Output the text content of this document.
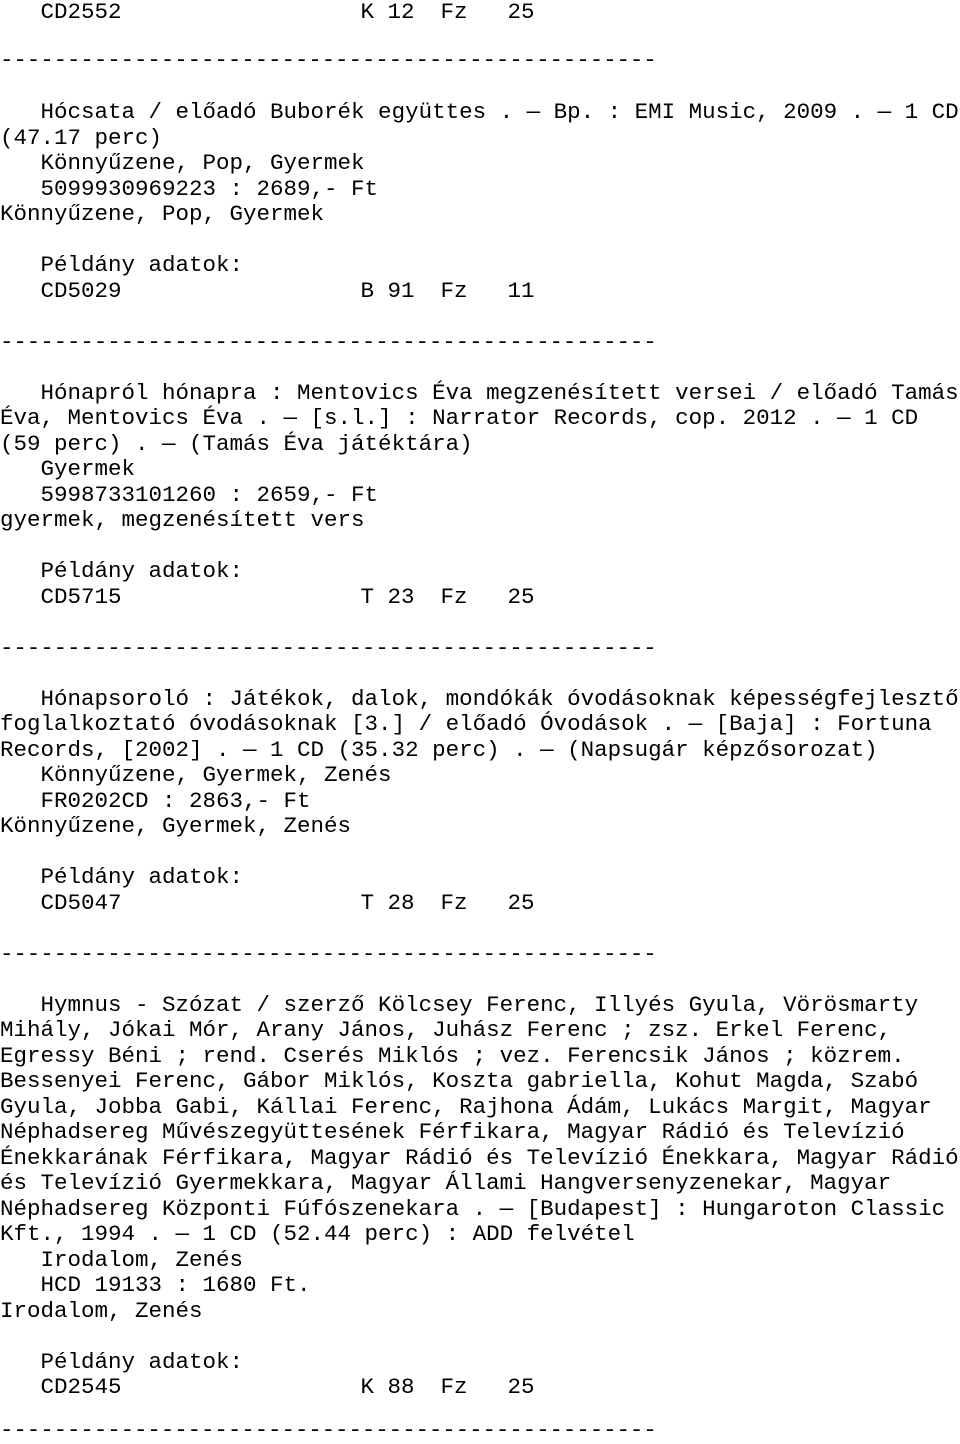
CD2552	K 12 Fz 25
-------------------------------------------------
Hócsata / előadó Buborék együttes . — Bp. : EMI Music, 2009 . — 1 CD
(47.17 perc)
Könnyűzene, Pop, Gyermek
5099930969223 : 2689,- Ft
Könnyűzene, Pop, Gyermek
Példány adatok:
CD5029	B 91 Fz 11
-------------------------------------------------
Hónapról hónapra : Mentovics Éva megzenésített versei / előadó Tamás
Éva, Mentovics Éva . — [s.l.] : Narrator Records, cop. 2012 . — 1 CD
(59 perc) . — (Tamás Éva játéktára)
Gyermek
5998733101260 : 2659,- Ft
gyermek, megzenésített vers
Példány adatok:
CD5715	T 23 Fz 25
-------------------------------------------------
Hónapsoroló : Játékok, dalok, mondókák óvodásoknak képességfejlesztő
foglalkoztató óvodásoknak [3.] / előadó Óvodások . — [Baja] : Fortuna
Records, [2002] . — 1 CD (35.32 perc) . — (Napsugár képzősorozat)
Könnyűzene, Gyermek, Zenés
FR0202CD : 2863,- Ft
Könnyűzene, Gyermek, Zenés
Példány adatok:
CD5047	T 28 Fz 25
-------------------------------------------------
Hymnus - Szózat / szerző Kölcsey Ferenc, Illyés Gyula, Vörösmarty
Mihály, Jókai Mór, Arany János, Juhász Ferenc ; zsz. Erkel Ferenc,
Egressy Béni ; rend. Cserés Miklós ; vez. Ferencsik János ; közrem.
Bessenyei Ferenc, Gábor Miklós, Koszta gabriella, Kohut Magda, Szabó
Gyula, Jobba Gabi, Kállai Ferenc, Rajhona Ádám, Lukács Margit, Magyar
Néphadsereg Művészegyüttesének Férfikara, Magyar Rádió és Televízió
Énekkarának Férfikara, Magyar Rádió és Televízió Énekkara, Magyar Rádió
és Televízió Gyermekkara, Magyar Állami Hangversenyzenekar, Magyar
Néphadsereg Központi Fúfószenekara . — [Budapest] : Hungaroton Classic
Kft., 1994 . — 1 CD (52.44 perc) : ADD felvétel
Irodalom, Zenés
HCD 19133 : 1680 Ft.
Irodalom, Zenés
Példány adatok:
CD2545	K 88 Fz 25
-------------------------------------------------
